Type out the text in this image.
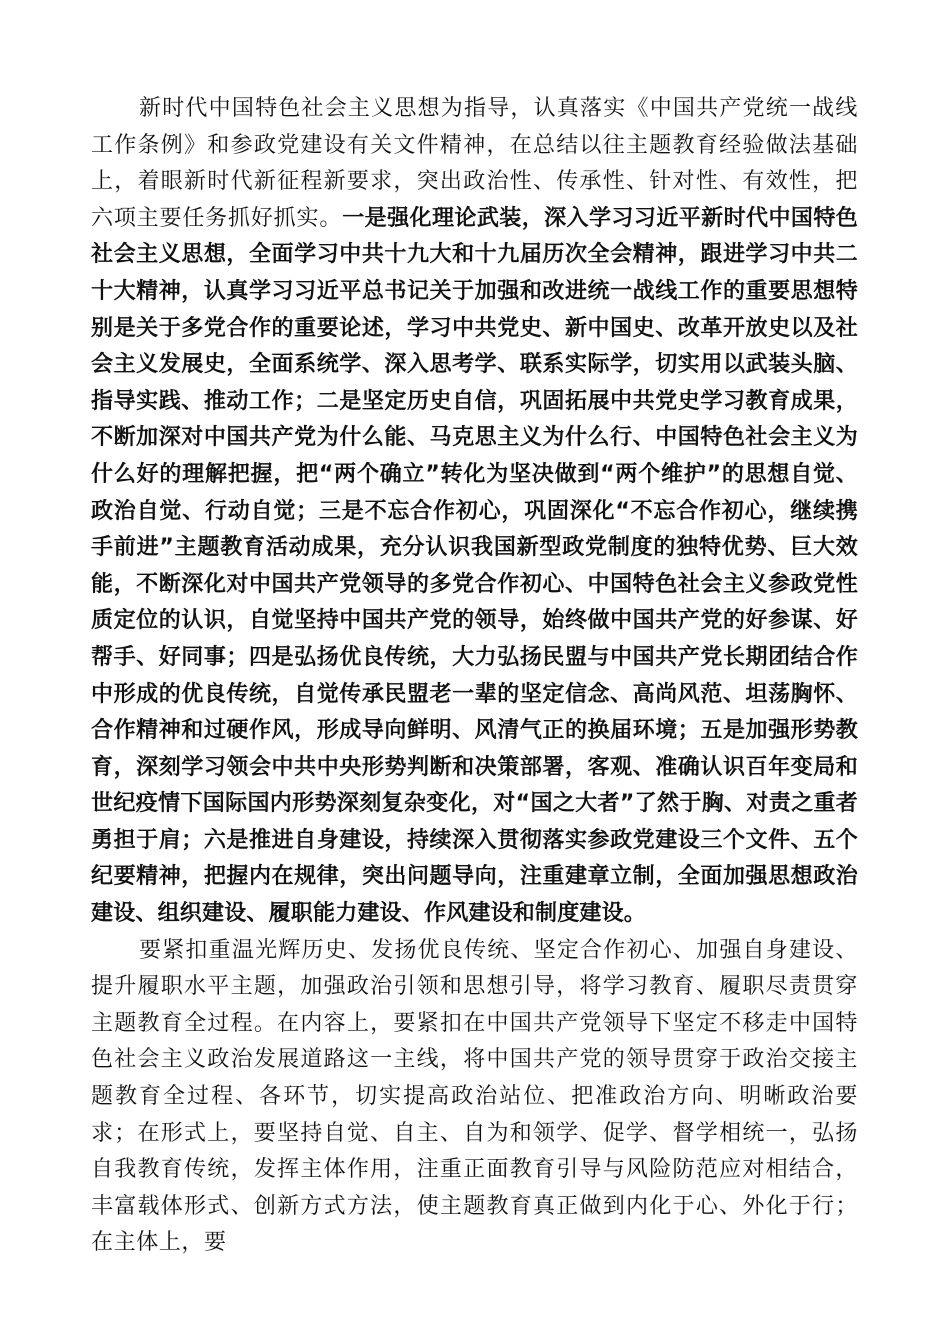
新时代中国特色社会主义思想为指导，认真落实《中国共产党统一战线工作条例》和参政党建设有关文件精神，在总结以往主题教育经验做法基础上，着眼新时代新征程新要求，突出政治性、传承性、针对性、有效性，把六项主要任务抓好抓实。一是强化理论武装，深入学习习近平新时代中国特色社会主义思想，全面学习中共十九大和十九届历次全会精神，跟进学习中共二十大精神，认真学习习近平总书记关于加强和改进统一战线工作的重要思想特别是关于多党合作的重要论述，学习中共党史、新中国史、改革开放史以及社会主义发展史，全面系统学、深入思考学、联系实际学，切实用以武装头脑、指导实践、推动工作；二是坚定历史自信，巩固拓展中共党史学习教育成果，不断加深对中国共产党为什么能、马克思主义为什么行、中国特色社会主义为什么好的理解把握，把“两个确立”转化为坚决做到“两个维护”的思想自觉、政治自觉、行动自觉；三是不忘合作初心，巩固深化“不忘合作初心，继续携手前进”主题教育活动成果，充分认识我国新型政党制度的独特优势、巨大效能，不断深化对中国共产党领导的多党合作初心、中国特色社会主义参政党性质定位的认识，自觉坚持中国共产党的领导，始终做中国共产党的好参谋、好帮手、好同事；四是弘扬优良传统，大力弘扬民盟与中国共产党长期团结合作中形成的优良传统，自觉传承民盟老一辈的坚定信念、高尚风范、坦荡胸怀、合作精神和过硬作风，形成导向鲜明、风清气正的换届环境；五是加强形势教育，深刻学习领会中共中央形势判断和决策部署，客观、准确认识百年变局和世纪疫情下国际国内形势深刻复杂变化，对“国之大者”了然于胸、对责之重者勇担于肩；六是推进自身建设，持续深入贯彻落实参政党建设三个文件、五个纪要精神，把握内在规律，突出问题导向，注重建章立制，全面加强思想政治建设、组织建设、履职能力建设、作风建设和制度建设。

要紧扣重温光辉历史、发扬优良传统、坚定合作初心、加强自身建设、提升履职水平主题，加强政治引领和思想引导，将学习教育、履职尽责贯穿主题教育全过程。在内容上，要紧扣在中国共产党领导下坚定不移走中国特色社会主义政治发展道路这一主线，将中国共产党的领导贯穿于政治交接主题教育全过程、各环节，切实提高政治站位、把准政治方向、明晰政治要求；在形式上，要坚持自觉、自主、自为和领学、促学、督学相统一，弘扬自我教育传统，发挥主体作用，注重正面教育引导与风险防范应对相结合，丰富载体形式、创新方式方法，使主题教育真正做到内化于心、外化于行；在主体上，要
